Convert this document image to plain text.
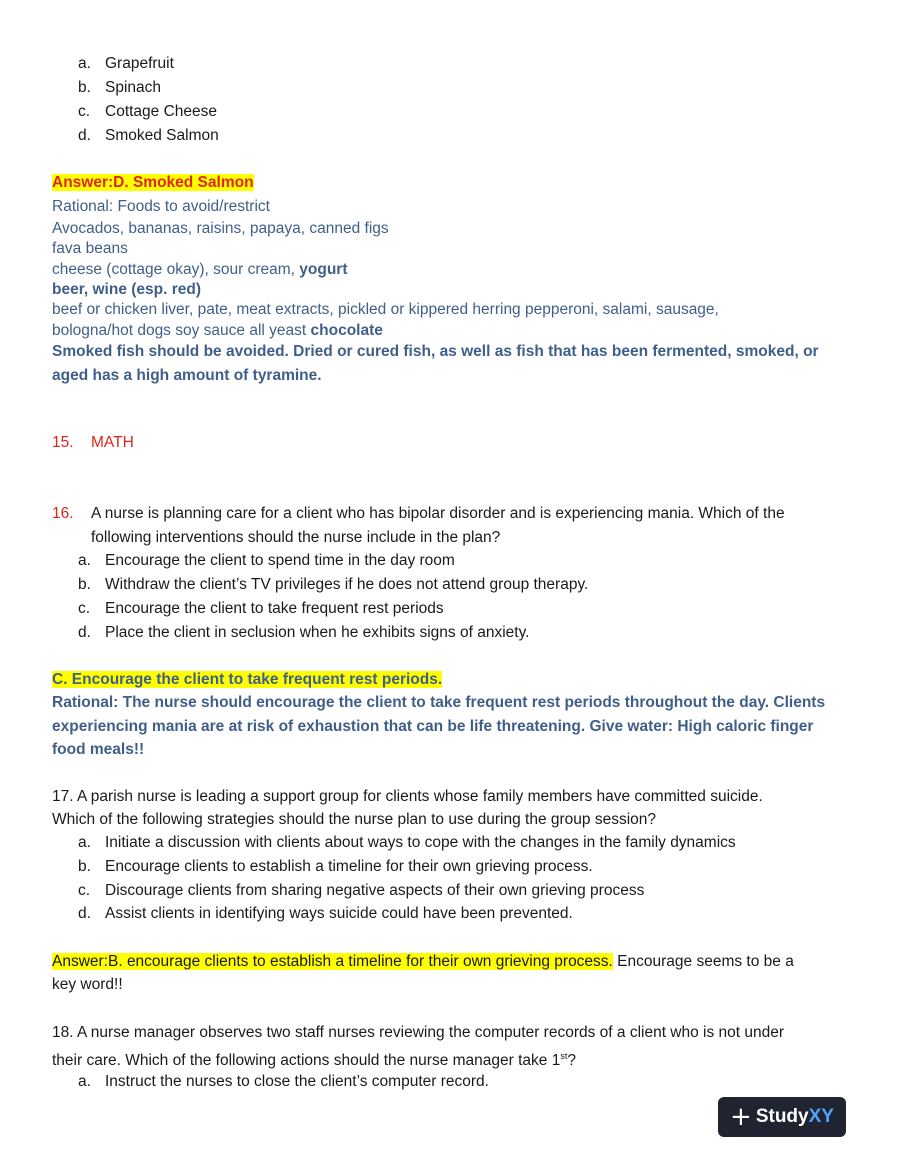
a. Grapefruit
b. Spinach
c. Cottage Cheese
d. Smoked Salmon
Answer:D. Smoked Salmon
Rational: Foods to avoid/restrict
Avocados, bananas, raisins, papaya, canned figs
fava beans
cheese (cottage okay), sour cream, yogurt
beer, wine (esp. red)
beef or chicken liver, pate, meat extracts, pickled or kippered herring pepperoni, salami, sausage,
bologna/hot dogs soy sauce all yeast chocolate
Smoked fish should be avoided. Dried or cured fish, as well as fish that has been fermented, smoked, or
aged has a high amount of tyramine.
15. MATH
16. A nurse is planning care for a client who has bipolar disorder and is experiencing mania. Which of the
following interventions should the nurse include in the plan?
a. Encourage the client to spend time in the day room
b. Withdraw the client’s TV privileges if he does not attend group therapy.
c. Encourage the client to take frequent rest periods
d. Place the client in seclusion when he exhibits signs of anxiety.
C. Encourage the client to take frequent rest periods.
Rational: The nurse should encourage the client to take frequent rest periods throughout the day. Clients
experiencing mania are at risk of exhaustion that can be life threatening. Give water: High caloric finger
food meals!!
17. A parish nurse is leading a support group for clients whose family members have committed suicide.
Which of the following strategies should the nurse plan to use during the group session?
a. Initiate a discussion with clients about ways to cope with the changes in the family dynamics
b. Encourage clients to establish a timeline for their own grieving process.
c. Discourage clients from sharing negative aspects of their own grieving process
d. Assist clients in identifying ways suicide could have been prevented.
Answer:B. encourage clients to establish a timeline for their own grieving process. Encourage seems to be a
key word!!
18. A nurse manager observes two staff nurses reviewing the computer records of a client who is not under
their care. Which of the following actions should the nurse manager take 1st?
a. Instruct the nurses to close the client’s computer record.
+ StudyXY
